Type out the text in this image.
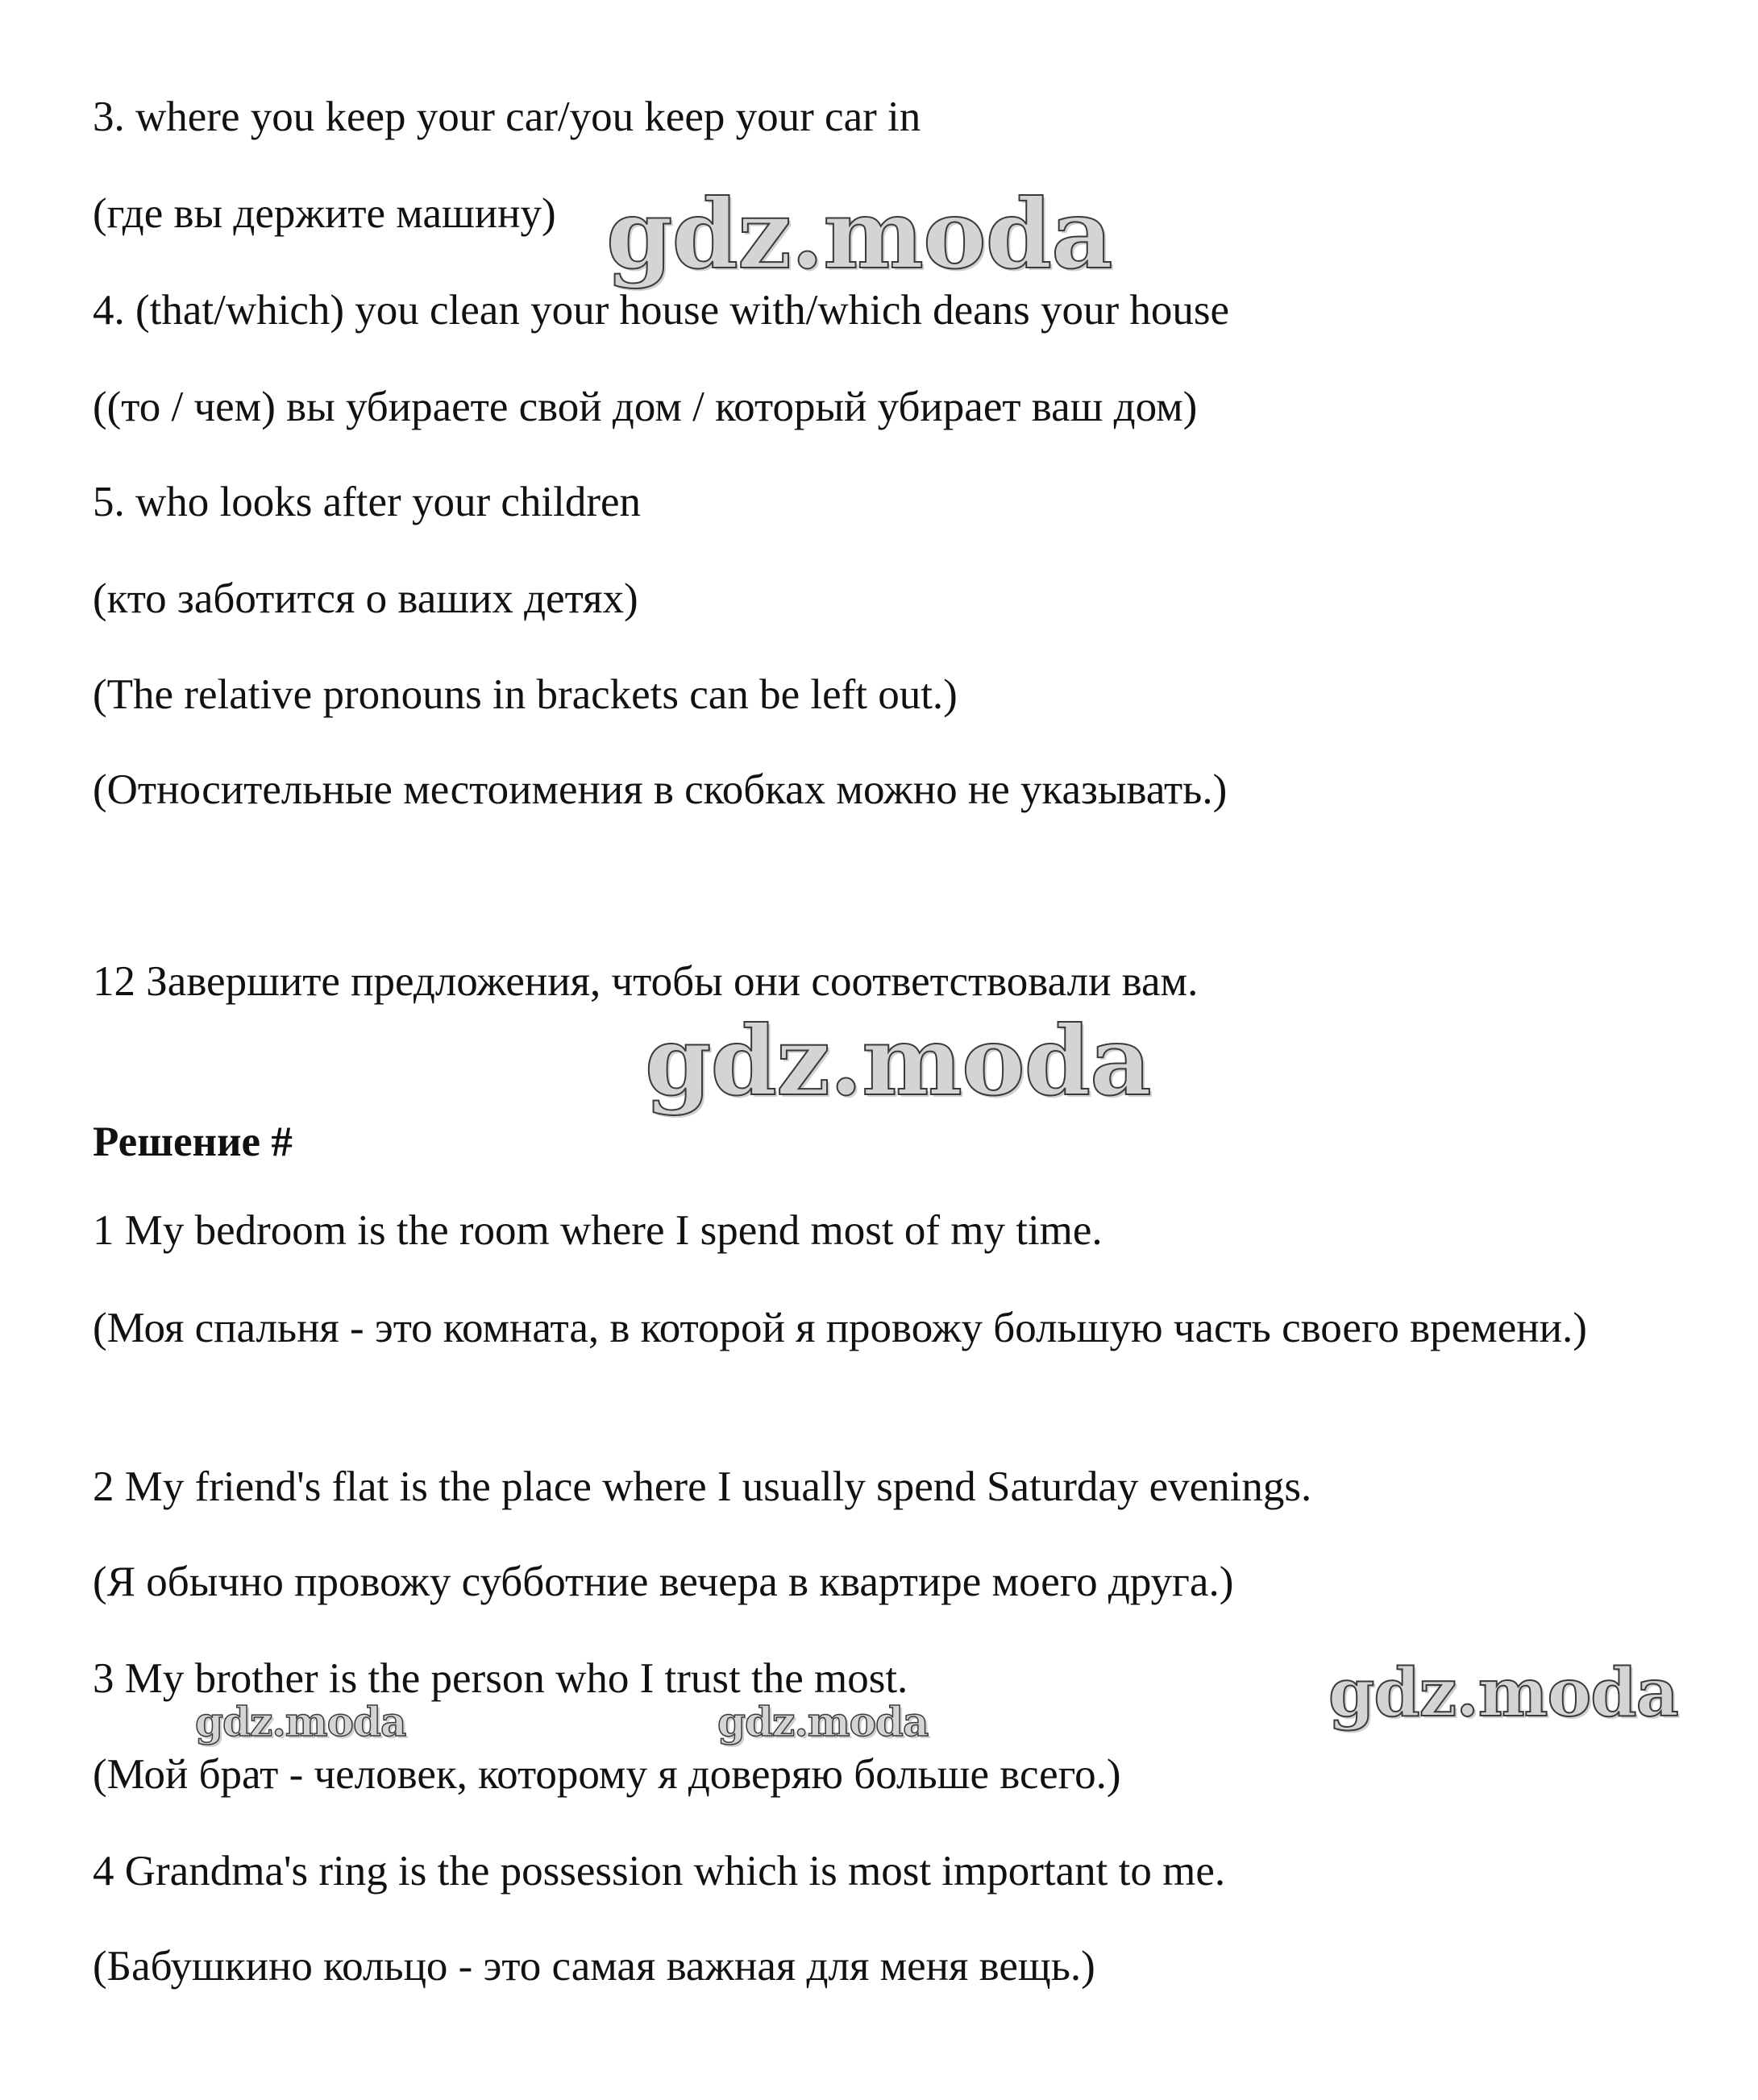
3. where you keep your car/you keep your car in

(где вы держите машину)

4. (that/which) you clean your house with/which deans your house

((то / чем) вы убираете свой дом / который убирает ваш дом)

5. who looks after your children

(кто заботится о ваших детях)

(The relative pronouns in brackets can be left out.)

(Относительные местоимения в скобках можно не указывать.)

12 Завершите предложения, чтобы они соответствовали вам.

Решение #

1 My bedroom is the room where I spend most of my time.

(Моя спальня - это комната, в которой я провожу большую часть своего времени.)

2 My friend's flat is the place where I usually spend Saturday evenings.

(Я обычно провожу субботние вечера в квартире моего друга.)

3 My brother is the person who I trust the most.

(Мой брат - человек, которому я доверяю больше всего.)

4 Grandma's ring is the possession which is most important to me.

(Бабушкино кольцо - это самая важная для меня вещь.)

gdz.moda
gdz.moda
gdz.moda
gdz.moda	gdz.moda
